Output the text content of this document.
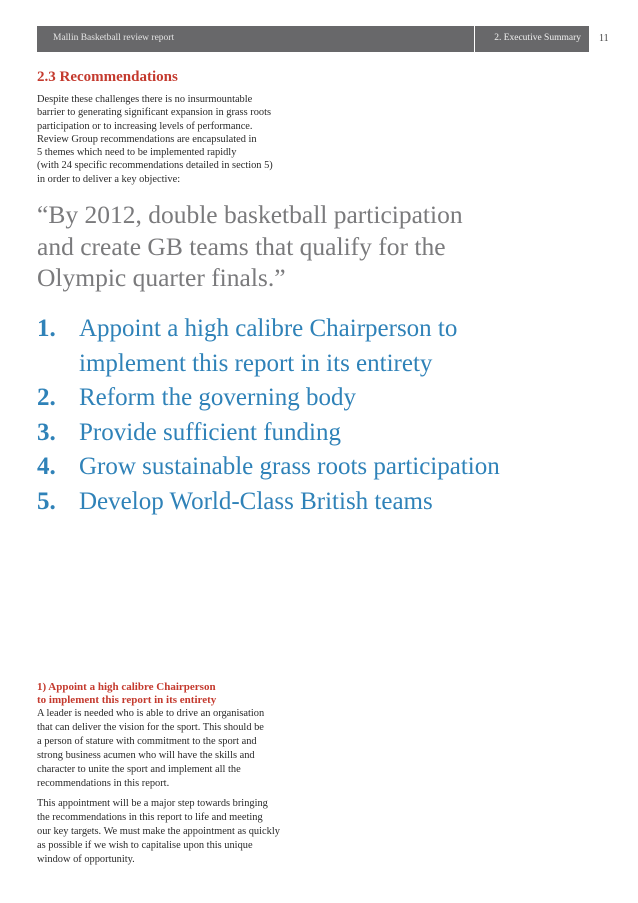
Mallin Basketball review report	2. Executive Summary 11
2.3 Recommendations
Despite these challenges there is no insurmountable
barrier to generating significant expansion in grass roots
participation or to increasing levels of performance.
Review Group recommendations are encapsulated in
5 themes which need to be implemented rapidly
(with 24 specific recommendations detailed in section 5)
in order to deliver a key objective:
“By 2012, double basketball participation
and create GB teams that qualify for the
Olympic quarter finals.”
1. Appoint a high calibre Chairperson to
implement this report in its entirety
2. Reform the governing body
3. Provide sufficient funding
4. Grow sustainable grass roots participation
5. Develop World-Class British teams
1) Appoint a high calibre Chairperson
to implement this report in its entirety
A leader is needed who is able to drive an organisation
that can deliver the vision for the sport. This should be
a person of stature with commitment to the sport and
strong business acumen who will have the skills and
character to unite the sport and implement all the
recommendations in this report.
This appointment will be a major step towards bringing
the recommendations in this report to life and meeting
our key targets. We must make the appointment as quickly
as possible if we wish to capitalise upon this unique
window of opportunity.
